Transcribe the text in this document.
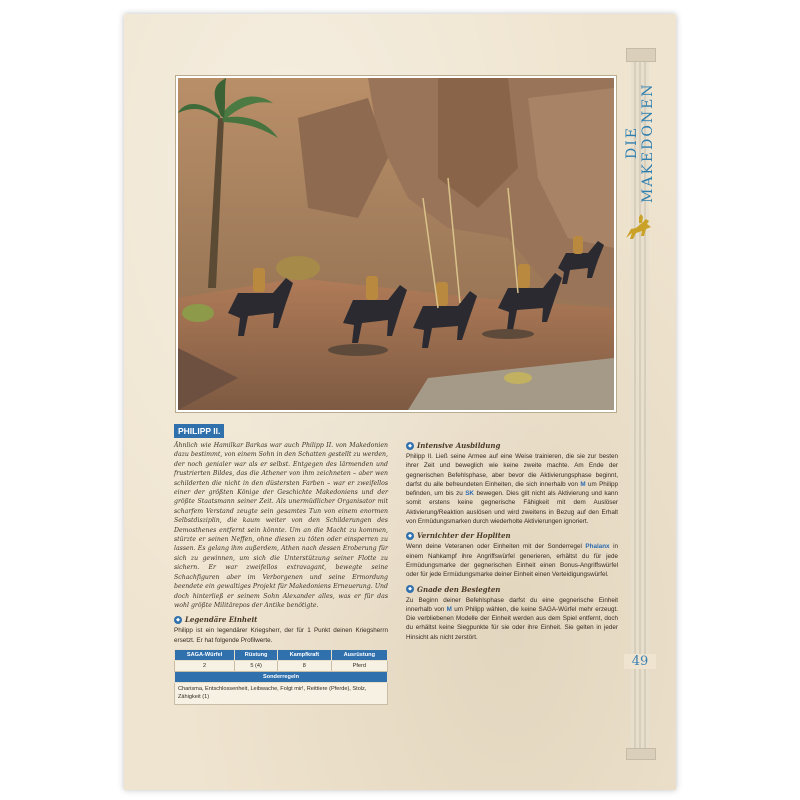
DIE MAKEDONEN
49
PHILIPP II.

Ähnlich wie Hamilkar Barkas war auch Philipp II. von Makedonien dazu bestimmt, von einem Sohn in den Schatten gestellt zu werden, der noch genialer war als er selbst. Entgegen des lärmenden und frustrierten Bildes, das die Athener von ihm zeichneten – aber wen schilderten die nicht in den düstersten Farben – war er zweifellos einer der größten Könige der Geschichte Makedoniens und der größte Staatsmann seiner Zeit. Als unermüdlicher Organisator mit scharfem Verstand zeugte sein gesamtes Tun von einem enormen Selbstdisziplin, die kaum weiter von den Schilderungen des Demosthenes entfernt sein könnte. Um an die Macht zu kommen, stürzte er seinen Neffen, ohne diesen zu töten oder einsperren zu lassen. Es gelang ihm außerdem, Athen nach dessen Eroberung für sich zu gewinnen, um sich die Unterstützung seiner Flotte zu sichern. Er war zweifellos extravagant, bewegte seine Schachfiguren aber im Verborgenen und seine Ermordung beendete ein gewaltiges Projekt für Makedoniens Erneuerung. Und doch hinterließ er seinem Sohn Alexander alles, was er für das wohl größte Militärepos der Antike benötigte.

◆ Legendäre Einheit

Philipp ist ein legendärer Kriegsherr, der für 1 Punkt deinen Kriegsherrn ersetzt. Er hat folgende Profilwerte.

SAGA-Würfel	Rüstung	Kampfkraft	Ausrüstung
2	5 (4)	8	Pferd
Sonderregeln			
Charisma, Entschlossenheit, Leibwache, Folgt mir!, Reittiere (Pferde), Stolz, Zähigkeit (1)			
◆ Intensive Ausbildung

Philipp II. Ließ seine Armee auf eine Weise trainieren, die sie zur besten ihrer Zeit und beweglich wie keine zweite machte. Am Ende der gegnerischen Befehlsphase, aber bevor die Aktivierungsphase beginnt, darfst du alle befreundeten Einheiten, die sich innerhalb von M um Philipp befinden, um bis zu SK bewegen. Dies gilt nicht als Aktivierung und kann somit erstens keine gegnerische Fähigkeit mit dem Auslöser Aktivierung/Reaktion auslösen und wird zweitens in Bezug auf den Erhalt von Ermüdungsmarken durch wiederholte Aktivierungen ignoriert.

◆ Vernichter der Hopliten

Wenn deine Veteranen oder Einheiten mit der Sonderregel Phalanx in einem Nahkampf ihre Angriffswürfel generieren, erhältst du für jede Ermüdungsmarke der gegnerischen Einheit einen Bonus-Angriffswürfel oder für jede Ermüdungsmarke deiner Einheit einen Verteidigungswürfel.

◆ Gnade den Besiegten

Zu Beginn deiner Befehlsphase darfst du eine gegnerische Einheit innerhalb von M um Philipp wählen, die keine SAGA-Würfel mehr erzeugt. Die verbliebenen Modelle der Einheit werden aus dem Spiel entfernt, doch du erhältst keine Siegpunkte für sie oder ihre Einheit. Sie gelten in jeder Hinsicht als nicht zerstört.
